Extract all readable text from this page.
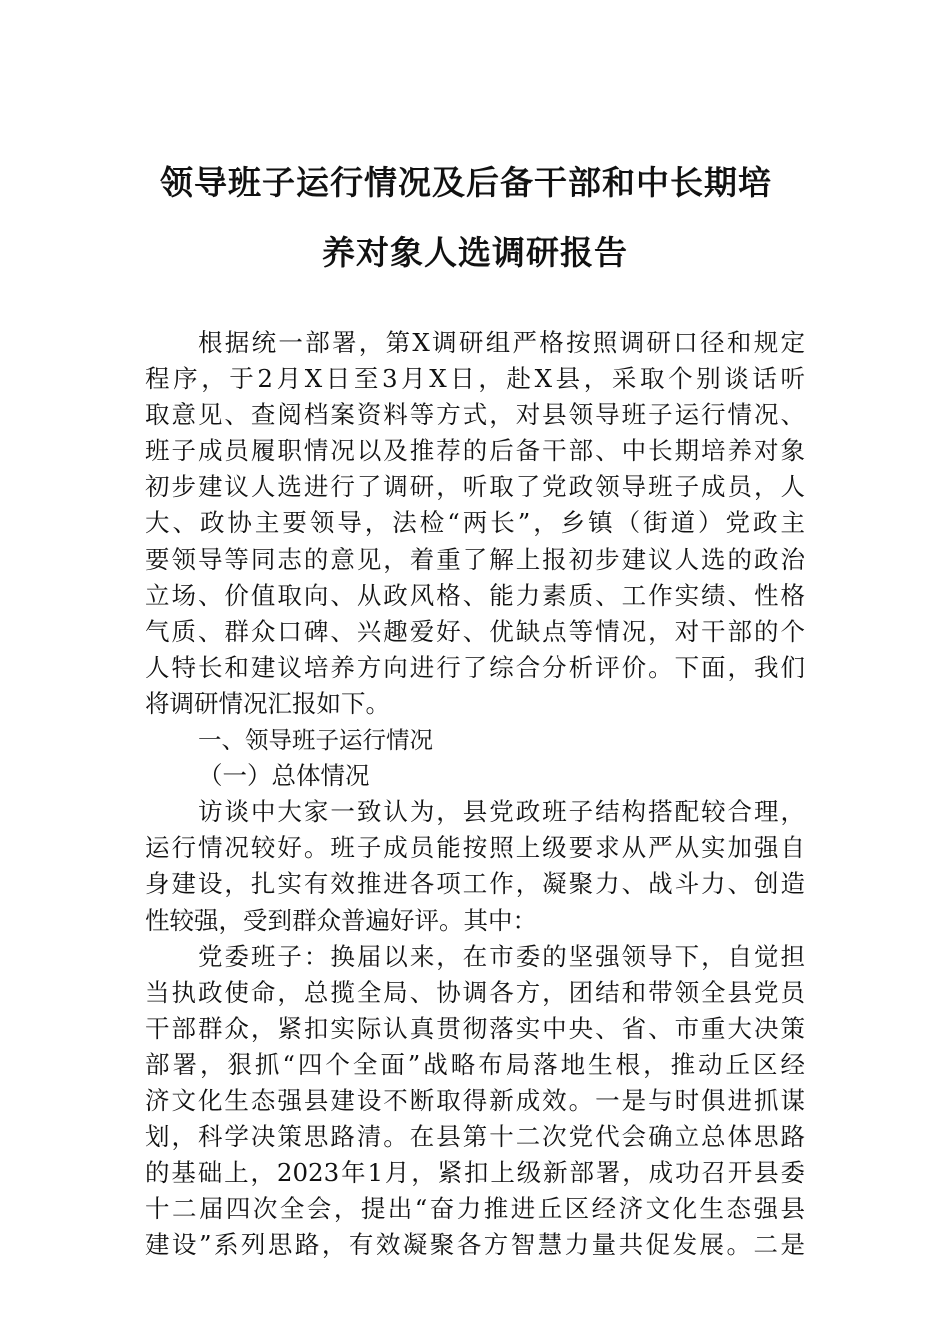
领导班子运行情况及后备干部和中长期培
养对象人选调研报告
根据统一部署，第X调研组严格按照调研口径和规定
程序，于2月X日至3月X日，赴X县，采取个别谈话听
取意见、查阅档案资料等方式，对县领导班子运行情况、
班子成员履职情况以及推荐的后备干部、中长期培养对象
初步建议人选进行了调研，听取了党政领导班子成员，人
大、政协主要领导，法检“两长”，乡镇（街道）党政主
要领导等同志的意见，着重了解上报初步建议人选的政治
立场、价值取向、从政风格、能力素质、工作实绩、性格
气质、群众口碑、兴趣爱好、优缺点等情况，对干部的个
人特长和建议培养方向进行了综合分析评价。下面，我们
将调研情况汇报如下。
一、领导班子运行情况
（一）总体情况
访谈中大家一致认为，县党政班子结构搭配较合理，
运行情况较好。班子成员能按照上级要求从严从实加强自
身建设，扎实有效推进各项工作，凝聚力、战斗力、创造
性较强，受到群众普遍好评。其中：
党委班子：换届以来，在市委的坚强领导下，自觉担
当执政使命，总揽全局、协调各方，团结和带领全县党员
干部群众，紧扣实际认真贯彻落实中央、省、市重大决策
部署，狠抓“四个全面”战略布局落地生根，推动丘区经
济文化生态强县建设不断取得新成效。一是与时俱进抓谋
划，科学决策思路清。在县第十二次党代会确立总体思路
的基础上，2023年1月，紧扣上级新部署，成功召开县委
十二届四次全会，提出“奋力推进丘区经济文化生态强县
建设”系列思路，有效凝聚各方智慧力量共促发展。二是
